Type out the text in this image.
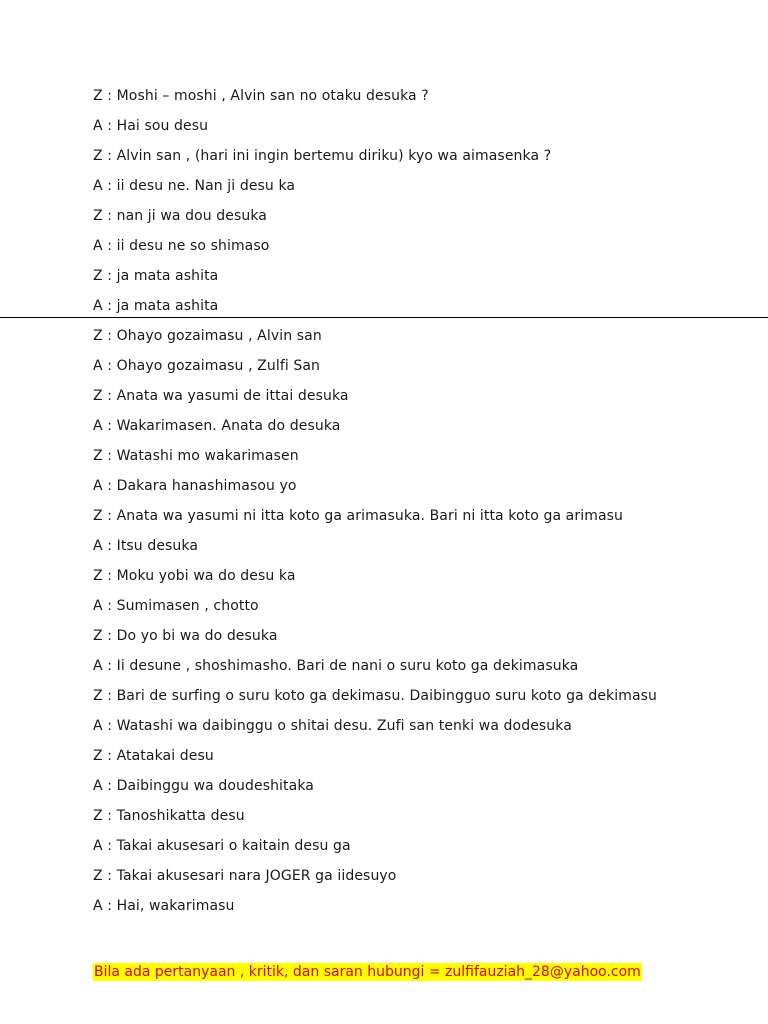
Z : Moshi – moshi , Alvin san no otaku desuka ?
A : Hai sou desu
Z : Alvin san , (hari ini ingin bertemu diriku) kyo wa aimasenka ?
A : ii desu ne. Nan ji desu ka
Z : nan ji wa dou desuka
A : ii desu ne so shimaso
Z : ja mata ashita
A : ja mata ashita
Z : Ohayo gozaimasu , Alvin san
A : Ohayo gozaimasu , Zulfi San
Z : Anata wa yasumi de ittai desuka
A : Wakarimasen. Anata do desuka
Z : Watashi mo wakarimasen
A : Dakara hanashimasou yo
Z : Anata wa yasumi ni itta koto ga arimasuka. Bari ni itta koto ga arimasu
A : Itsu desuka
Z : Moku yobi wa do desu ka
A : Sumimasen , chotto
Z : Do yo bi wa do desuka
A : Ii desune , shoshimasho. Bari de nani o suru koto ga dekimasuka
Z : Bari de surfing o suru koto ga dekimasu. Daibingguo suru koto ga dekimasu
A : Watashi wa daibinggu o shitai desu. Zufi san tenki wa dodesuka
Z : Atatakai desu
A : Daibinggu wa doudeshitaka
Z : Tanoshikatta desu
A : Takai akusesari o kaitain desu ga
Z : Takai akusesari nara JOGER ga iidesuyo
A : Hai, wakarimasu
Bila ada pertanyaan , kritik, dan saran hubungi = zulfifauziah_28@yahoo.com
